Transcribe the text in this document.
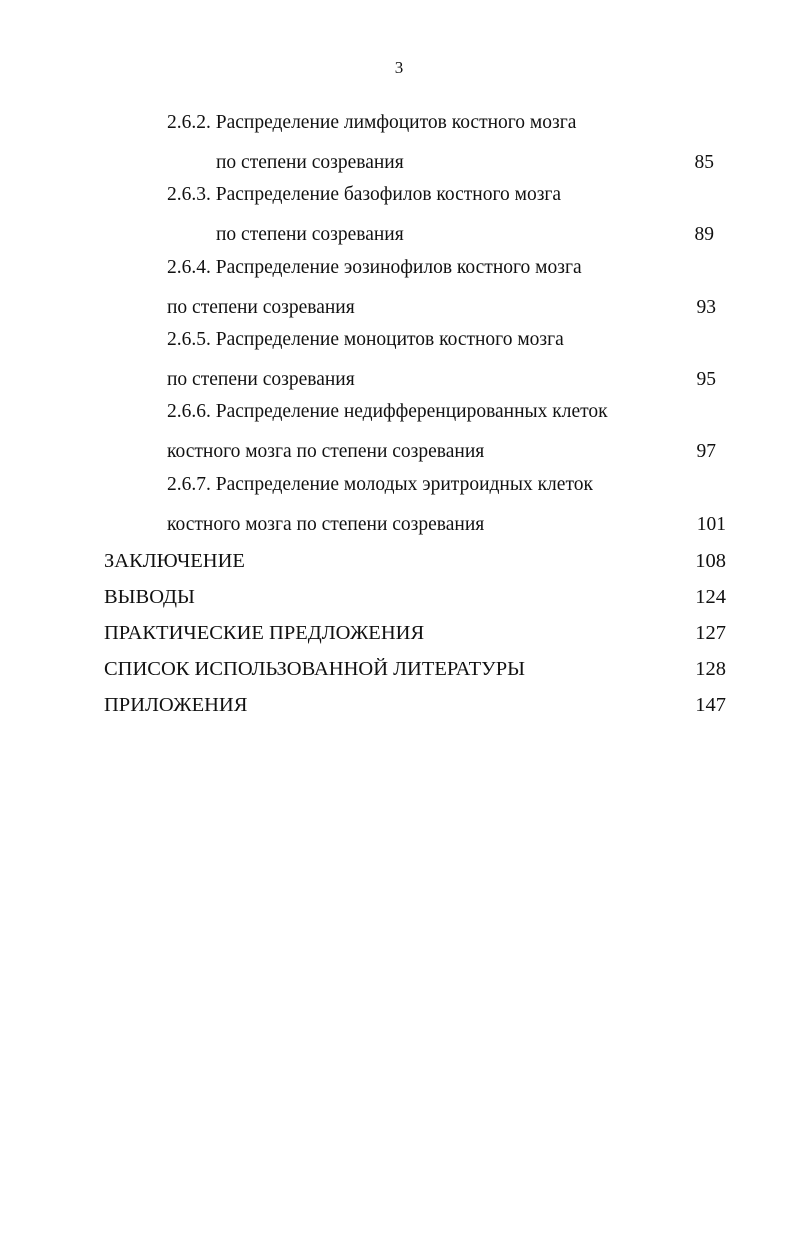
3
2.6.2. Распределение лимфоцитов костного мозга
по степени созревания .....	85
2.6.3. Распределение базофилов костного мозга
по степени созревания .....	89
2.6.4. Распределение эозинофилов костного мозга
по степени созревания .....	93
2.6.5. Распределение моноцитов костного мозга
по степени созревания .....	95
2.6.6. Распределение недифференцированных клеток
костного мозга по степени созревания .....	97
2.6.7. Распределение молодых эритроидных клеток
костного мозга по степени созревания .....	101
ЗАКЛЮЧЕНИЕ .....	108
ВЫВОДЫ .....	124
ПРАКТИЧЕСКИЕ ПРЕДЛОЖЕНИЯ .....	127
СПИСОК ИСПОЛЬЗОВАННОЙ ЛИТЕРАТУРЫ .....	128
ПРИЛОЖЕНИЯ .....	147
